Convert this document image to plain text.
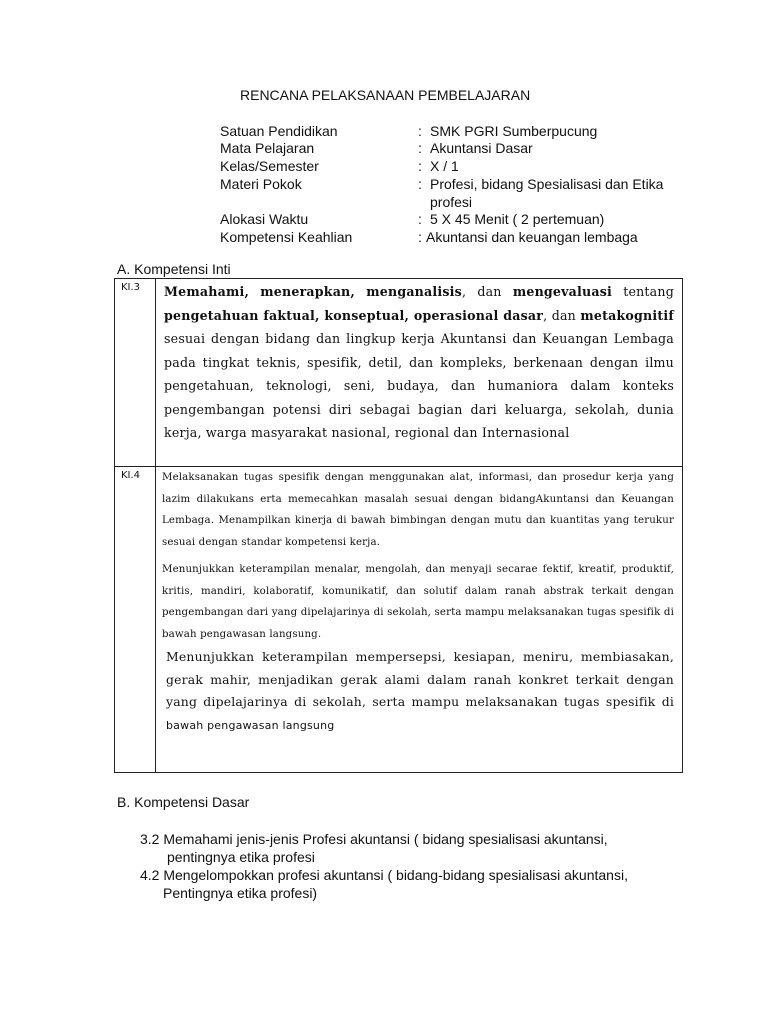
RENCANA PELAKSANAAN PEMBELAJARAN
Satuan Pendidikan	: SMK PGRI Sumberpucung
Mata Pelajaran	: Akuntansi Dasar
Kelas/Semester	: X / 1
Materi Pokok	: Profesi, bidang Spesialisasi dan Etika profesi
Alokasi Waktu	: 5 X 45 Menit ( 2 pertemuan)
Kompetensi Keahlian	: Akuntansi dan keuangan lembaga
A. Kompetensi Inti
KI.3	Memahami, menerapkan, menganalisis, dan mengevaluasi tentang pengetahuan faktual, konseptual, operasional dasar, dan metakognitif sesuai dengan bidang dan lingkup kerja Akuntansi dan Keuangan Lembaga pada tingkat teknis, spesifik, detil, dan kompleks, berkenaan dengan ilmu pengetahuan, teknologi, seni, budaya, dan humaniora dalam konteks pengembangan potensi diri sebagai bagian dari keluarga, sekolah, dunia kerja, warga masyarakat nasional, regional dan Internasional

KI.4	Melaksanakan tugas spesifik dengan menggunakan alat, informasi, dan prosedur kerja yang lazim dilakukans erta memecahkan masalah sesuai dengan bidangAkuntansi dan Keuangan Lembaga. Menampilkan kinerja di bawah bimbingan dengan mutu dan kuantitas yang terukur sesuai dengan standar kompetensi kerja.
Menunjukkan keterampilan menalar, mengolah, dan menyaji secarae fektif, kreatif, produktif, kritis, mandiri, kolaboratif, komunikatif, dan solutif dalam ranah abstrak terkait dengan pengembangan dari yang dipelajarinya di sekolah, serta mampu melaksanakan tugas spesifik di bawah pengawasan langsung.
Menunjukkan keterampilan mempersepsi, kesiapan, meniru, membiasakan, gerak mahir, menjadikan gerak alami dalam ranah konkret terkait dengan yang dipelajarinya di sekolah, serta mampu melaksanakan tugas spesifik di bawah pengawasan langsung
B. Kompetensi Dasar
3.2 Memahami jenis-jenis Profesi akuntansi ( bidang spesialisasi akuntansi,
pentingnya etika profesi
4.2 Mengelompokkan profesi akuntansi ( bidang-bidang spesialisasi akuntansi,
Pentingnya etika profesi)
